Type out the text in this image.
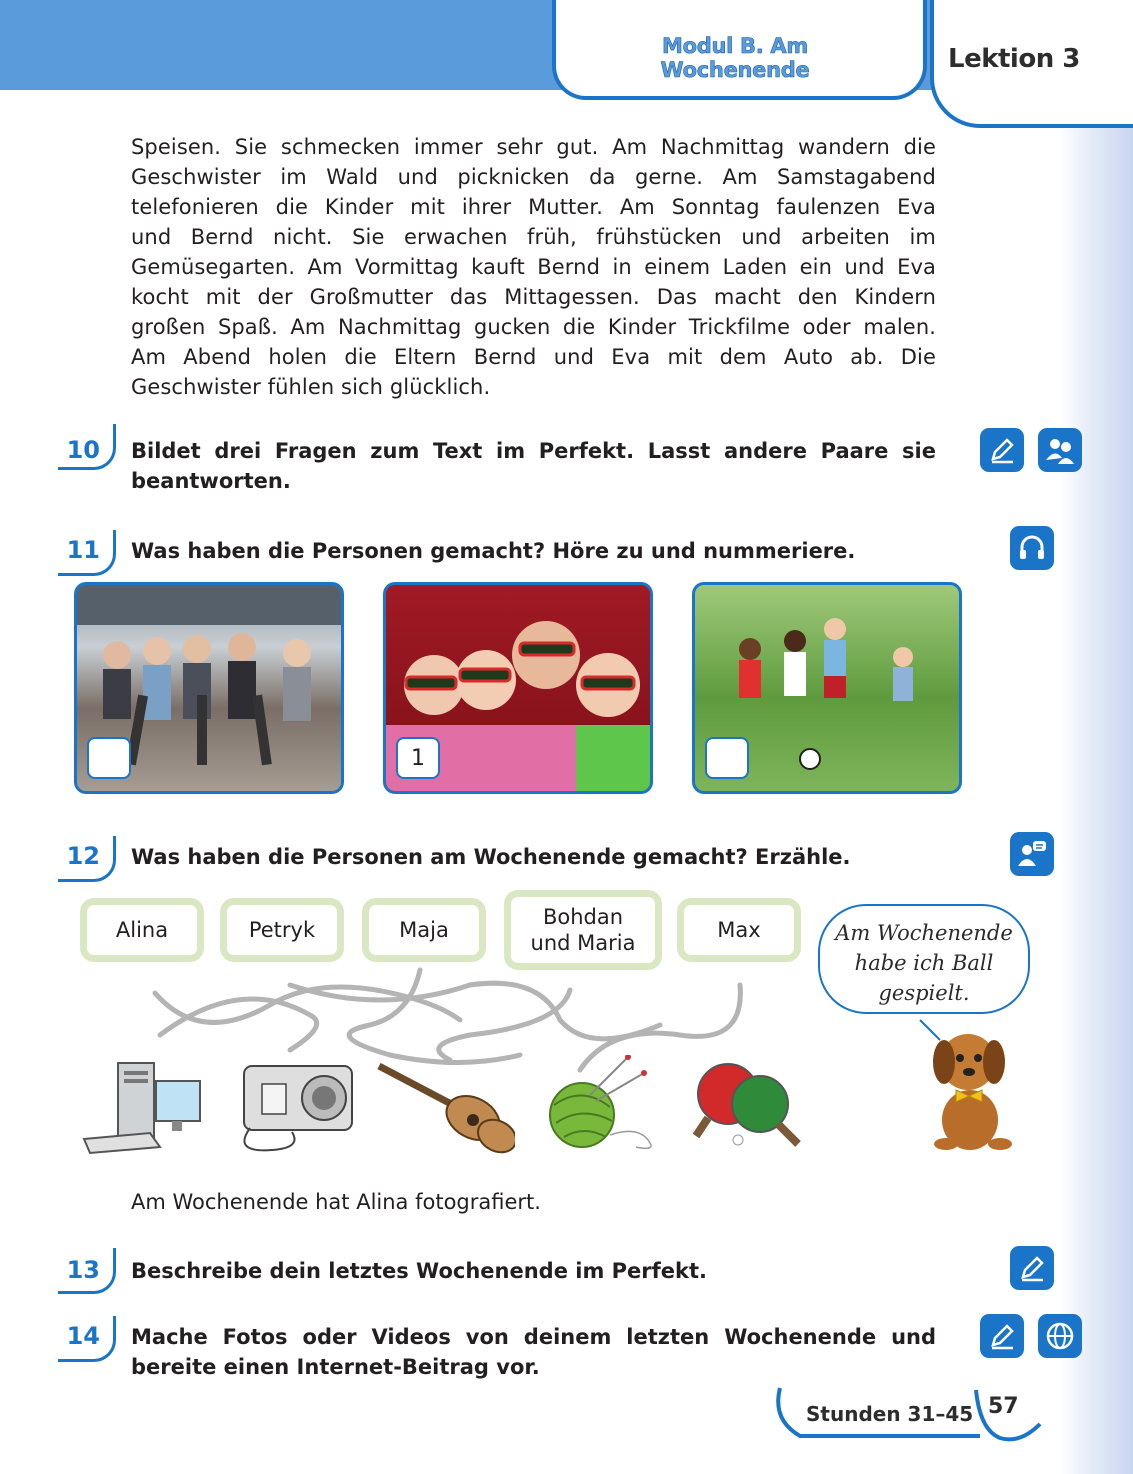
Modul B. Am Wochenende	Lektion 3
Speisen. Sie schmecken immer sehr gut. Am Nachmittag wandern die
Geschwister im Wald und picknicken da gerne. Am Samstagabend
telefonieren die Kinder mit ihrer Mutter. Am Sonntag faulenzen Eva
und Bernd nicht. Sie erwachen früh, frühstücken und arbeiten im
Gemüsegarten. Am Vormittag kauft Bernd in einem Laden ein und Eva
kocht mit der Großmutter das Mittagessen. Das macht den Kindern
großen Spaß. Am Nachmittag gucken die Kinder Trickfilme oder malen.
Am Abend holen die Eltern Bernd und Eva mit dem Auto ab. Die
Geschwister fühlen sich glücklich.
10 Bildet drei Fragen zum Text im Perfekt. Lasst andere Paare sie beantworten.
11 Was haben die Personen gemacht? Höre zu und nummeriere.
1
12 Was haben die Personen am Wochenende gemacht? Erzähle.
Alina	Petryk	Maja
Bohdan und Maria
Max	Am Wochenende habe ich Ball gespielt.
Am Wochenende hat Alina fotografiert.
13 Beschreibe dein letztes Wochenende im Perfekt.
14 Mache Fotos oder Videos von deinem letzten Wochenende und bereite einen Internet-Beitrag vor.
Stunden 31–45 57
